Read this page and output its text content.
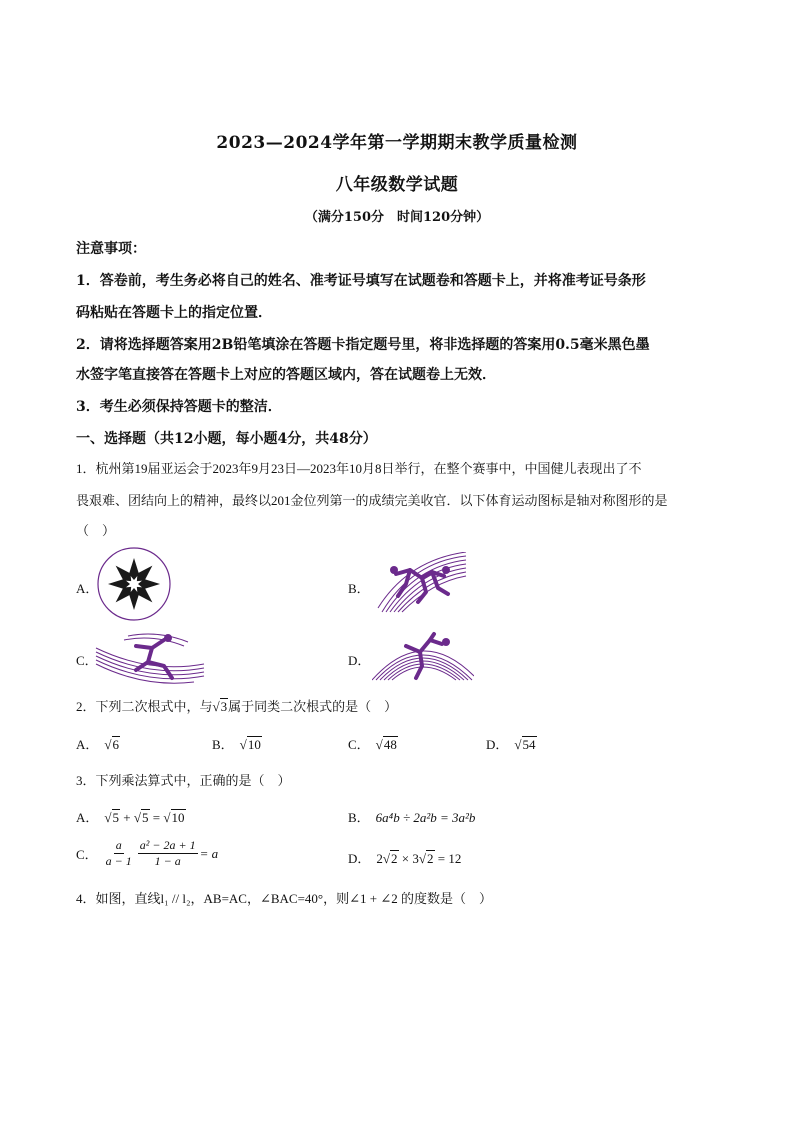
2023—2024学年第一学期期末教学质量检测
八年级数学试题
（满分150分　时间120分钟）
注意事项：
1．答卷前，考生务必将自己的姓名、准考证号填写在试题卷和答题卡上，并将准考证号条形
码粘贴在答题卡上的指定位置．
2．请将选择题答案用2B铅笔填涂在答题卡指定题号里，将非选择题的答案用0.5毫米黑色墨
水签字笔直接答在答题卡上对应的答题区域内，答在试题卷上无效．
3．考生必须保持答题卡的整洁．
一、选择题（共12小题，每小题4分，共48分）
1．杭州第19届亚运会于2023年9月23日—2023年10月8日举行，在整个赛事中，中国健儿表现出了不
畏艰难、团结向上的精神，最终以201金位列第一的成绩完美收官．以下体育运动图标是轴对称图形的是
（　）
A．	B．
C．	D．
2．下列二次根式中，与√3属于同类二次根式的是（　）
A． √6	B． √10	C． √48	D． √54
3．下列乘法算式中，正确的是（　）
A． √5 + √5 = √10	B． 6a⁴b ÷ 2a²b = 3a²b
C． $\frac{a}{a - 1} \frac{\text{a² − 2a + 1}}{1 - a} = a$	D． 2√2 × 3√2 = 12
4．如图，直线l₁ // l₂，AB=AC，∠BAC=40°，则∠1 + ∠2 的度数是（　）
